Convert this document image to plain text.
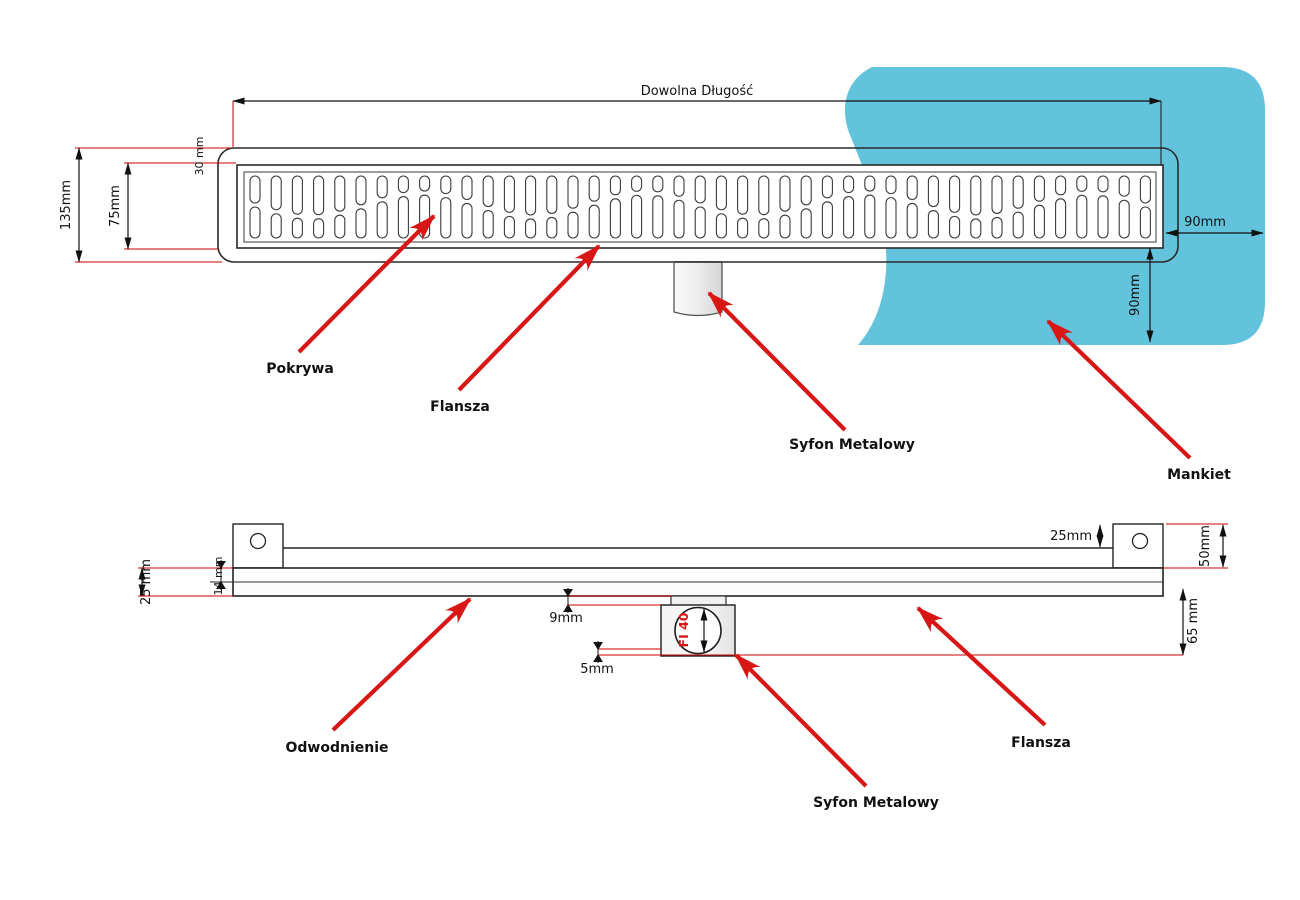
Dowolna Długość
135mm	75mm
30 mm
90mm
90mm
Pokrywa
Flansza
Syfon Metalowy
Mankiet
FI 40
25 mm	14 mm
25mm	50mm
65 mm
9mm
5mm
Odwodnienie	Flansza
Syfon Metalowy
